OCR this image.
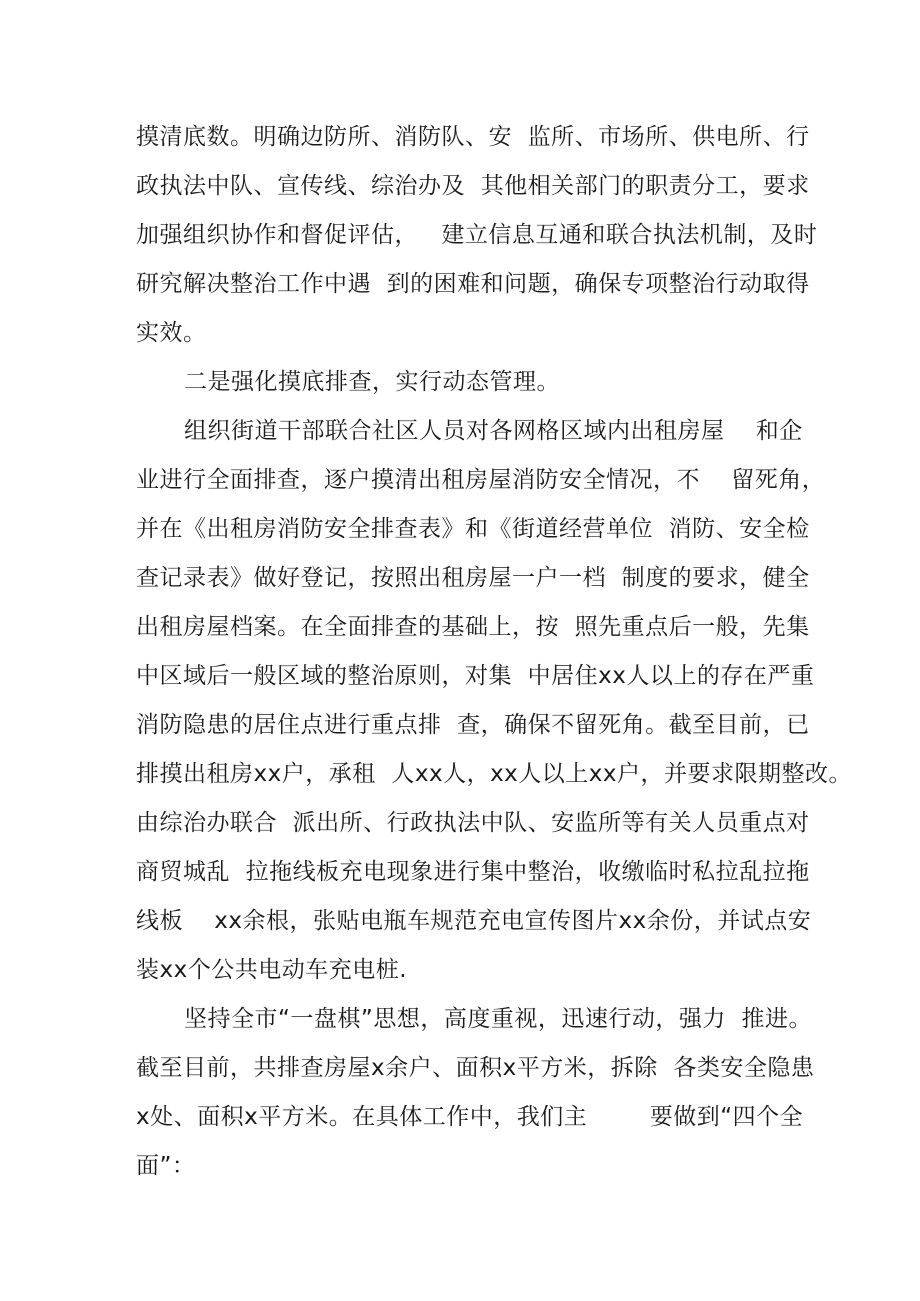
摸清底数。明确边防所、消防队、安  监所、市场所、供电所、行
政执法中队、宣传线、综治办及  其他相关部门的职责分工，要求
加强组织协作和督促评估，   建立信息互通和联合执法机制，及时
研究解决整治工作中遇  到的困难和问题，确保专项整治行动取得
实效。
二是强化摸底排查，实行动态管理。
组织街道干部联合社区人员对各网格区域内出租房屋    和企
业进行全面排查，逐户摸清出租房屋消防安全情况，不    留死角，
并在《出租房消防安全排查表》和《街道经营单位  消防、安全检
查记录表》做好登记，按照出租房屋一户一档  制度的要求，健全
出租房屋档案。在全面排查的基础上，按  照先重点后一般，先集
中区域后一般区域的整治原则，对集  中居住xx人以上的存在严重
消防隐患的居住点进行重点排  查，确保不留死角。截至目前，已
排摸出租房xx户，承租  人xx人，xx人以上xx户，并要求限期整改。
由综治办联合  派出所、行政执法中队、安监所等有关人员重点对
商贸城乱  拉拖线板充电现象进行集中整治，收缴临时私拉乱拉拖
线板    xx余根，张贴电瓶车规范充电宣传图片xx余份，并试点安
装xx个公共电动车充电桩.
坚持全市“一盘棋”思想，高度重视，迅速行动，强力  推进。
截至目前，共排查房屋x余户、面积x平方米，拆除  各类安全隐患
x处、面积x平方米。在具体工作中，我们主        要做到“四个全
面”：
